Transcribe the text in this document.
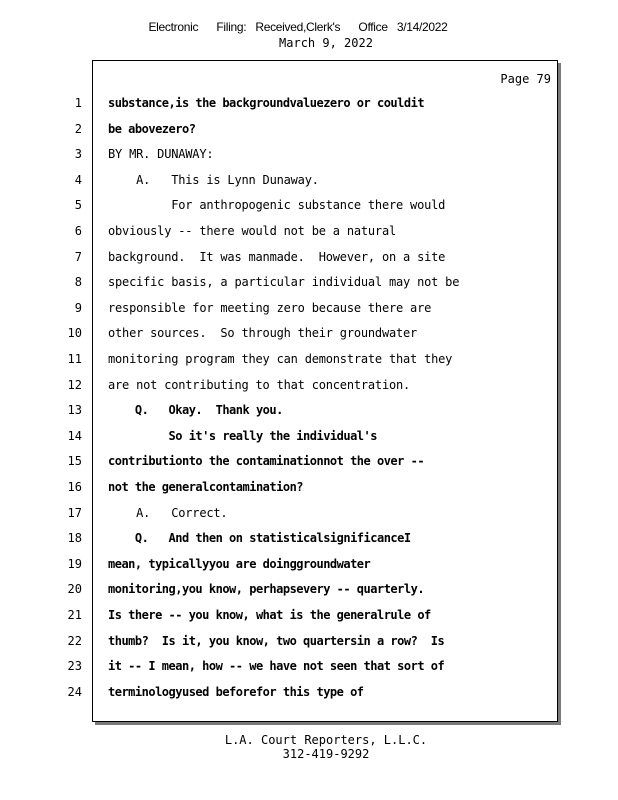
Electronic      Filing:   Received,Clerk's      Office   3/14/2022
March 9, 2022
Page 79
1 substance,is the backgroundvaluezero or couldit
2 be abovezero?
3 BY MR. DUNAWAY:
4 A.   This is Lynn Dunaway.
5 For anthropogenic substance there would
6 obviously -- there would not be a natural
7 background.  It was manmade.  However, on a site
8 specific basis, a particular individual may not be
9 responsible for meeting zero because there are
10 other sources.  So through their groundwater
11 monitoring program they can demonstrate that they
12 are not contributing to that concentration.
13 Q.   Okay.  Thank you.
14 So it's really the individual's
15 contributionto the contaminationnot the over --
16 not the generalcontamination?
17 A.   Correct.
18 Q.   And then on statisticalsignificanceI
19 mean, typicallyyou are doinggroundwater
20 monitoring,you know, perhapsevery -- quarterly.
21 Is there -- you know, what is the generalrule of
22 thumb?  Is it, you know, two quartersin a row?  Is
23 it -- I mean, how -- we have not seen that sort of
24 terminologyused beforefor this type of
L.A. Court Reporters, L.L.C.
312-419-9292
